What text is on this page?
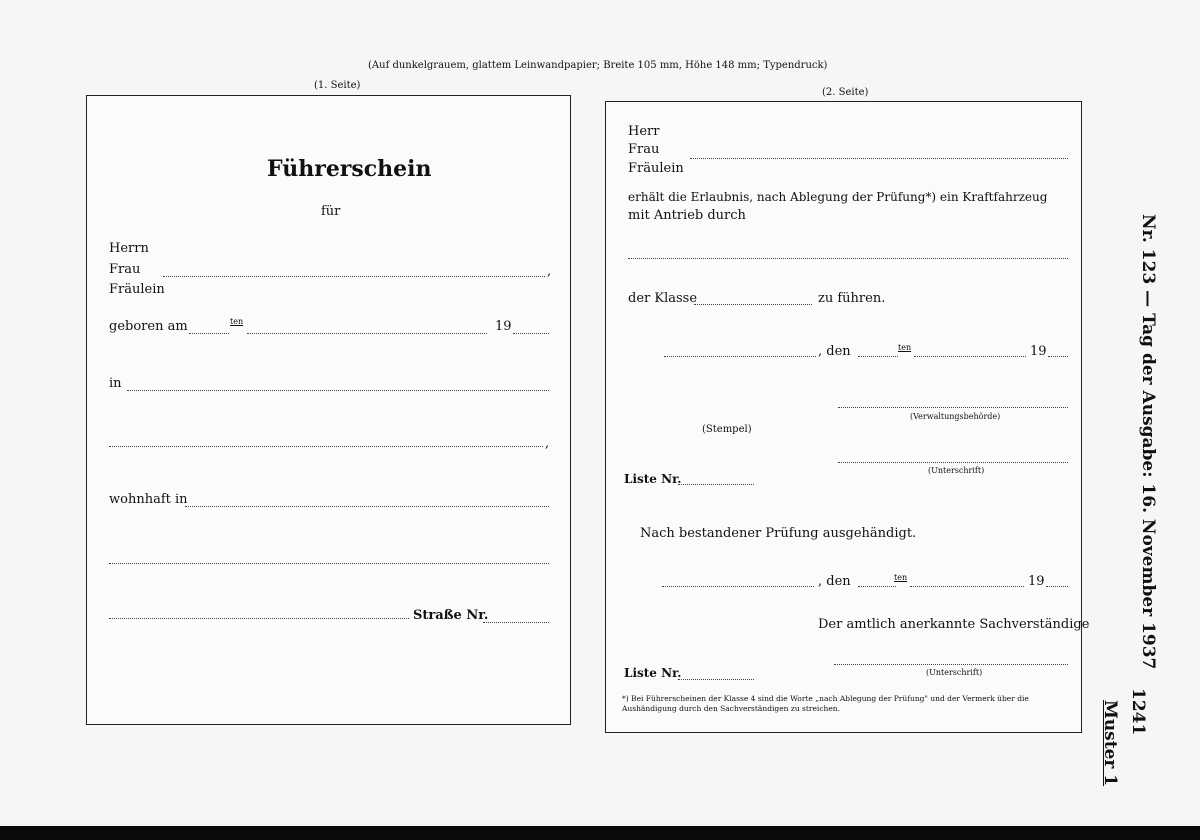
(Auf dunkelgrauem, glattem Leinwandpapier; Breite 105 mm, Höhe 148 mm; Typendruck)
(1. Seite)
Führerschein
für
Herrn
Frau
Fräulein
,
geboren am	ten	19
in
,
wohnhaft in
Straße Nr.
(2. Seite)
Herr
Frau
Fräulein
erhält die Erlaubnis, nach Ablegung der Prüfung*) ein Kraftfahrzeug
mit Antrieb durch
der Klasse	zu führen.
, den	ten	19
(Verwaltungsbehörde)
(Stempel)
(Unterschrift)
Liste Nr.
Nach bestandener Prüfung ausgehändigt.
, den	ten	19
Der amtlich anerkannte Sachverständige
(Unterschrift)
Liste Nr.
*) Bei Führerscheinen der Klasse 4 sind die Worte „nach Ablegung der Prüfung" und der Vermerk über die Aushändigung durch den Sachverständigen zu streichen.
Nr. 123 — Tag der Ausgabe: 16. November 1937
1241
Muster 1
